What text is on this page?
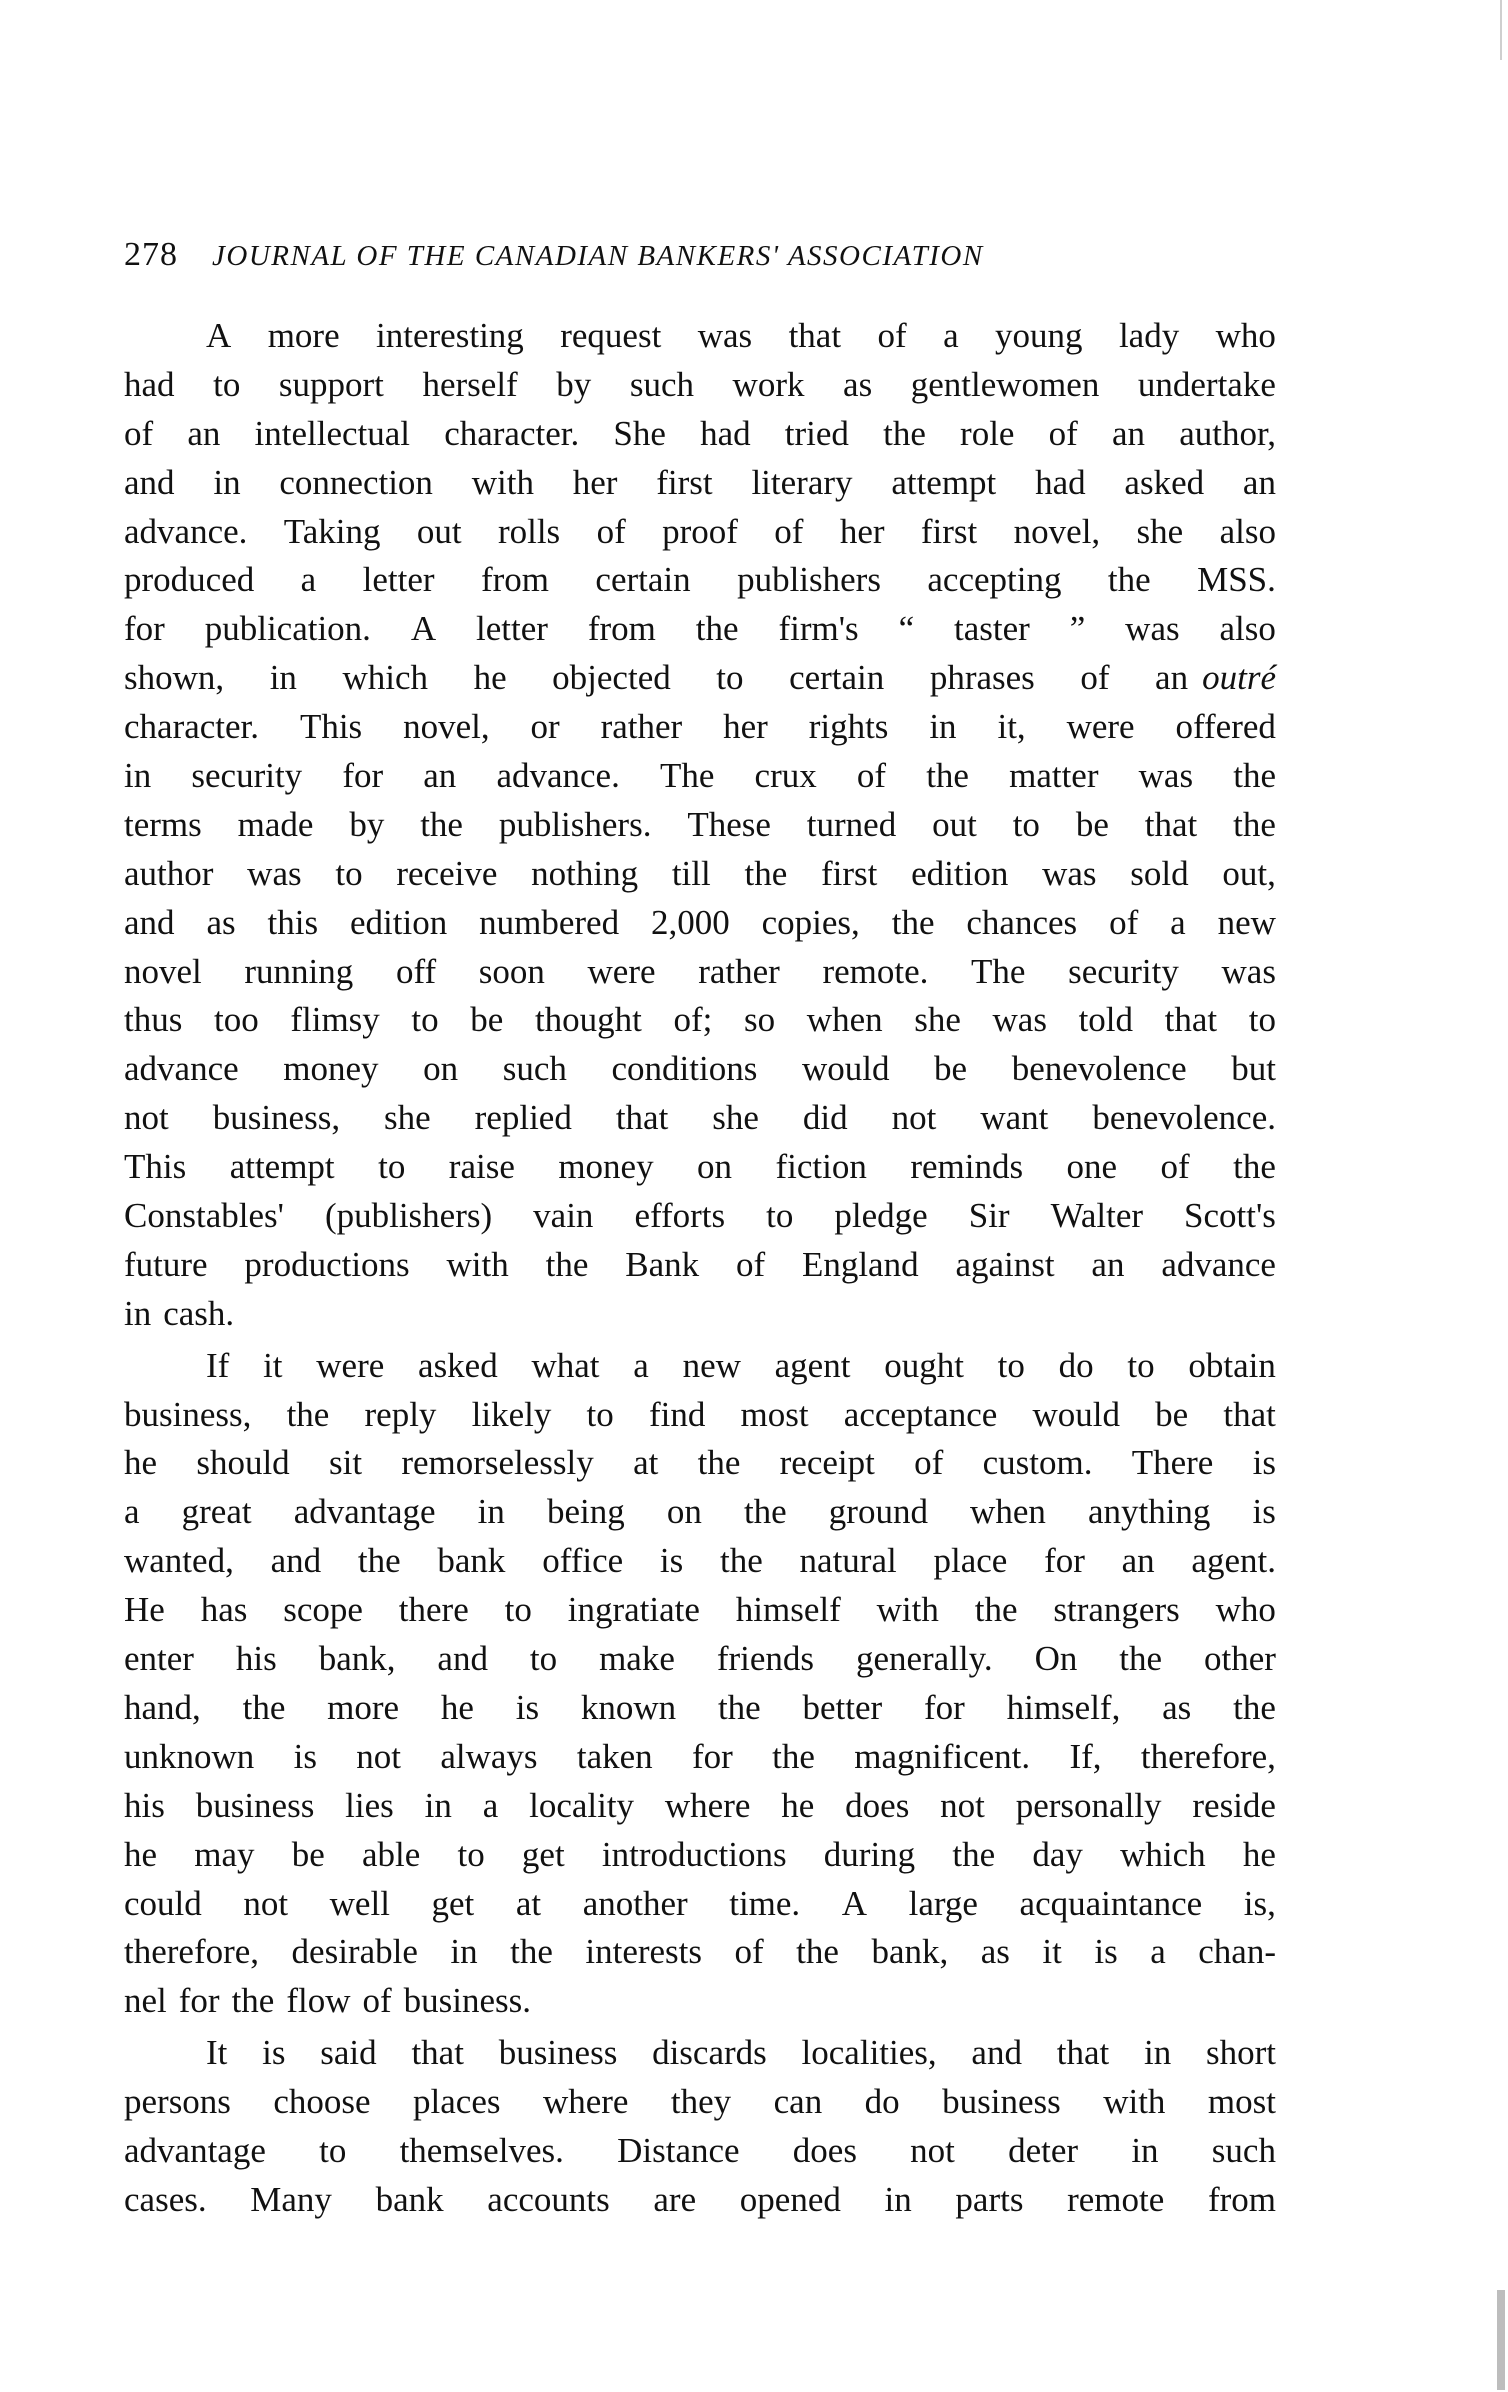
278 JOURNAL OF THE CANADIAN BANKERS' ASSOCIATION
A more interesting request was that of a young lady who
had to support herself by such work as gentlewomen undertake
of an intellectual character. She had tried the role of an author,
and in connection with her first literary attempt had asked an
advance. Taking out rolls of proof of her first novel, she also
produced a letter from certain publishers accepting the MSS.
for publication. A letter from the firm's “ taster ” was also
shown, in which he objected to certain phrases of an outré
character. This novel, or rather her rights in it, were offered
in security for an advance. The crux of the matter was the
terms made by the publishers. These turned out to be that the
author was to receive nothing till the first edition was sold out,
and as this edition numbered 2,000 copies, the chances of a new
novel running off soon were rather remote. The security was
thus too flimsy to be thought of; so when she was told that to
advance money on such conditions would be benevolence but
not business, she replied that she did not want benevolence.
This attempt to raise money on fiction reminds one of the
Constables' (publishers) vain efforts to pledge Sir Walter Scott's
future productions with the Bank of England against an advance
in cash.
If it were asked what a new agent ought to do to obtain
business, the reply likely to find most acceptance would be that
he should sit remorselessly at the receipt of custom. There is
a great advantage in being on the ground when anything is
wanted, and the bank office is the natural place for an agent.
He has scope there to ingratiate himself with the strangers who
enter his bank, and to make friends generally. On the other
hand, the more he is known the better for himself, as the
unknown is not always taken for the magnificent. If, therefore,
his business lies in a locality where he does not personally reside
he may be able to get introductions during the day which he
could not well get at another time. A large acquaintance is,
therefore, desirable in the interests of the bank, as it is a chan-
nel for the flow of business.
It is said that business discards localities, and that in short
persons choose places where they can do business with most
advantage to themselves. Distance does not deter in such
cases. Many bank accounts are opened in parts remote from
